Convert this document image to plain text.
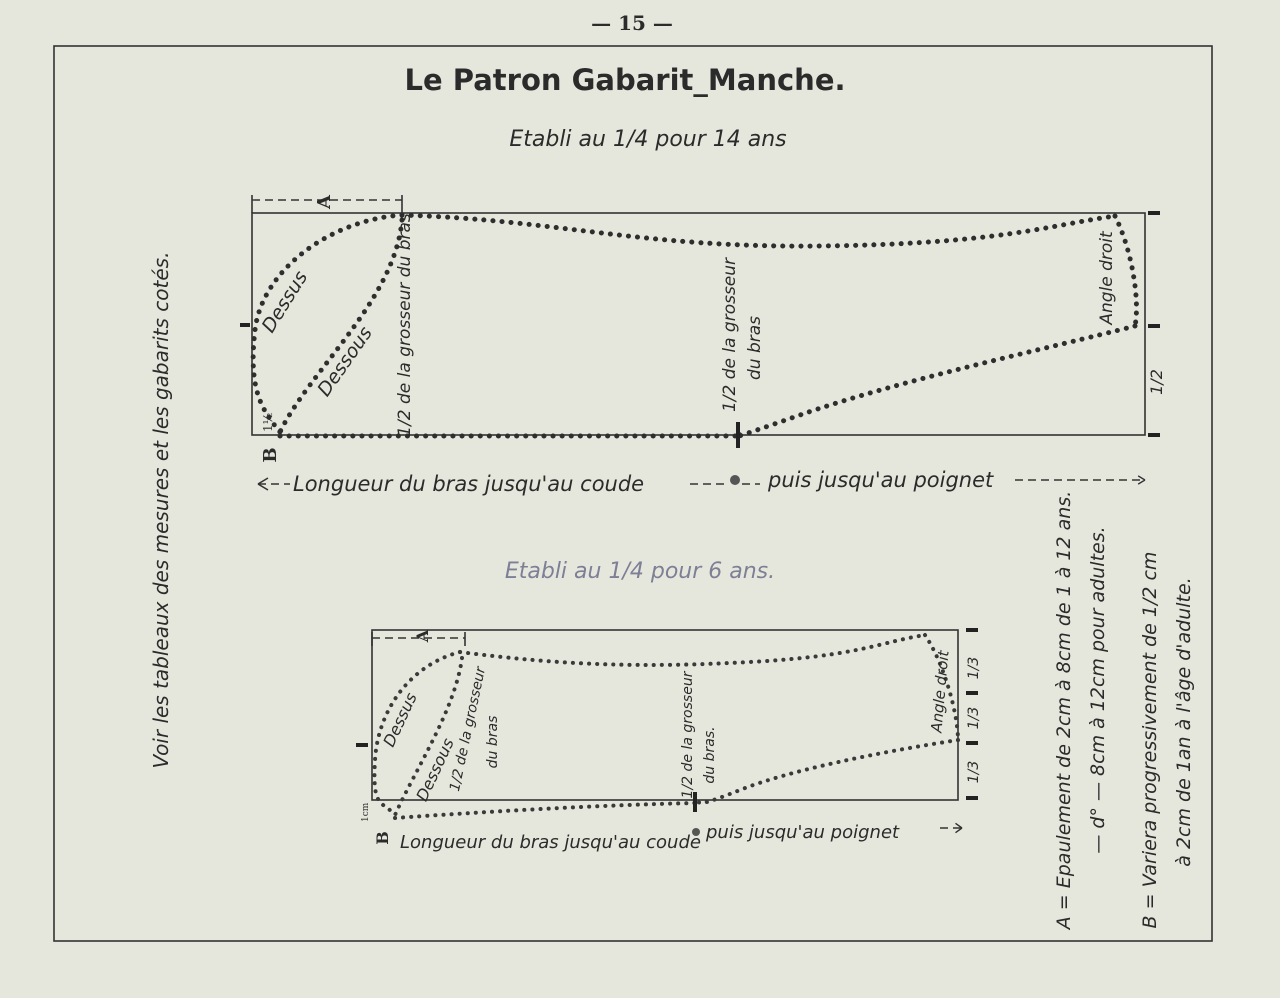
— 15 —
Le Patron Gabarit_Manche.
Etabli au 1/4 pour 14 ans
Voir les tableaux des mesures et les gabarits cotés.
A
Dessus
Dessous 1/2 de la grosseur du bras	1/2 de la grosseur du bras
Angle droit
1/2
1½
B
Longueur du bras jusqu'au coude	puis jusqu'au poignet
Etabli au 1/4 pour 6 ans.
A
Dessus
Dessous
1/2 de la grosseur
du bras	1/2 de la grosseur du bras.
Angle droit 1/3
1/3
1/3
1cm
B Longueur du bras jusqu'au coude puis jusqu'au poignet	A = Epaulement de 2cm à 8cm de 1 à 12 ans. — d° — 8cm à 12cm pour adultes. B = Variera progressivement de 1/2 cm à 2cm de 1an à l'âge d'adulte.
